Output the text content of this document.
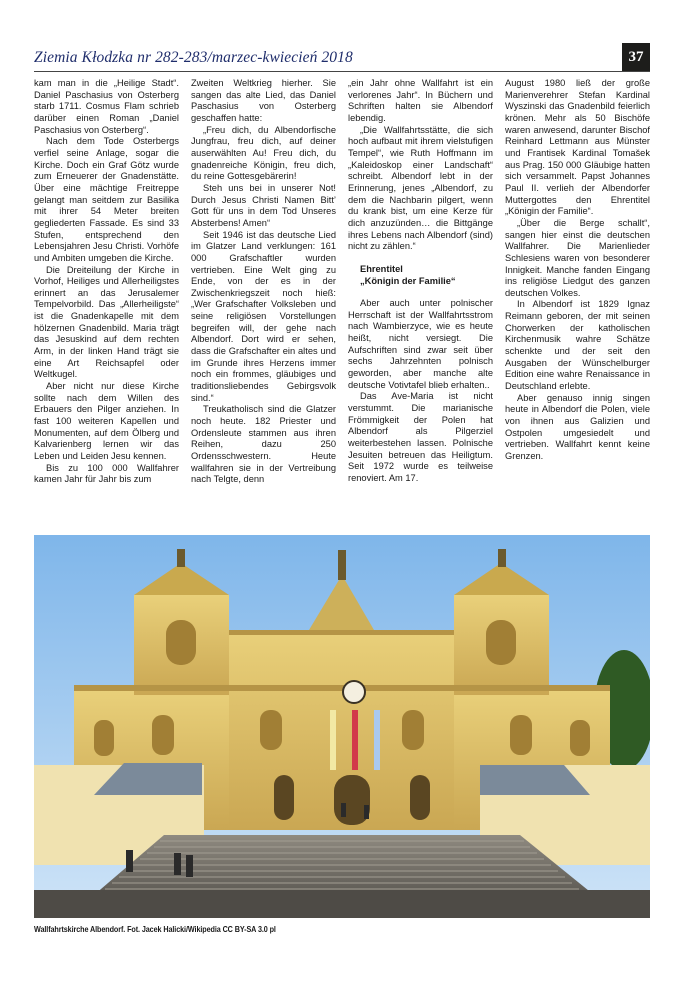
Ziemia Kłodzka nr 282-283/marzec-kwiecień 2018	37

kam man in die „Heilige Stadt“. Daniel Paschasius von Osterberg starb 1711. Cosmus Flam schrieb darüber einen Roman „Daniel Paschasius von Osterberg“.

Nach dem Tode Osterbergs verfiel seine Anlage, sogar die Kirche. Doch ein Graf Götz wurde zum Erneuerer der Gnadenstätte. Über eine mächtige Freitreppe gelangt man seitdem zur Basilika mit ihrer 54 Meter breiten gegliederten Fassade. Es sind 33 Stufen, entsprechend den Lebensjahren Jesu Christi. Vorhöfe und Ambiten umgeben die Kirche.

Die Dreiteilung der Kirche in Vorhof, Heiliges und Allerheiligstes erinnert an das Jerusalemer Tempelvorbild. Das „Allerheiligste“ ist die Gnadenkapelle mit dem hölzernen Gnadenbild. Maria trägt das Jesuskind auf dem rechten Arm, in der linken Hand trägt sie eine Art Reichsapfel oder Weltkugel.

Aber nicht nur diese Kirche sollte nach dem Willen des Erbauers den Pilger anziehen. In fast 100 weiteren Kapellen und Monumenten, auf dem Ölberg und Kalvarienberg lernen wir das Leben und Leiden Jesu kennen.

Bis zu 100 000 Wallfahrer kamen Jahr für Jahr bis zum

Zweiten Weltkrieg hierher. Sie sangen das alte Lied, das Daniel Paschasius von Osterberg geschaffen hatte:

„Freu dich, du Albendorfische Jungfrau, freu dich, auf deiner auserwählten Au! Freu dich, du gnadenreiche Königin, freu dich, du reine Gottesgebärerin!

Steh uns bei in unserer Not! Durch Jesus Christi Namen Bitt’ Gott für uns in dem Tod Unseres Absterbens! Amen“

Seit 1946 ist das deutsche Lied im Glatzer Land verklungen: 161 000 Grafschaftler wurden vertrieben. Eine Welt ging zu Ende, von der es in der Zwischenkriegszeit noch hieß: „Wer Grafschafter Volksleben und seine religiösen Vorstellungen begreifen will, der gehe nach Albendorf. Dort wird er sehen, dass die Grafschafter ein altes und im Grunde ihres Herzens immer noch ein frommes, gläubiges und traditionsliebendes Gebirgsvolk sind.“

Treukatholisch sind die Glatzer noch heute. 182 Priester und Ordensleute stammen aus ihren Reihen, dazu 250 Ordensschwestern. Heute wallfahren sie in der Vertreibung nach Telgte, denn

„ein Jahr ohne Wallfahrt ist ein verlorenes Jahr“. In Büchern und Schriften halten sie Albendorf lebendig.

„Die Wallfahrtsstätte, die sich hoch aufbaut mit ihrem vielstufigen Tempel“, wie Ruth Hoffmann im „Kaleidoskop einer Landschaft“ schreibt. Albendorf lebt in der Erinnerung, jenes „Albendorf, zu dem die Nachbarin pilgert, wenn du krank bist, um eine Kerze für dich anzuzünden… die Bittgänge ihres Lebens nach Albendorf (sind) nicht zu zählen.“

Ehrentitel

„Königin der Familie“

Aber auch unter polnischer Herrschaft ist der Wallfahrtsstrom nach Wambierzyce, wie es heute heißt, nicht versiegt. Die Aufschriften sind zwar seit über sechs Jahrzehnten polnisch geworden, aber manche alte deutsche Votivtafel blieb erhalten..

Das Ave-Maria ist nicht verstummt. Die marianische Frömmigkeit der Polen hat Albendorf als Pilgerziel weiterbestehen lassen. Polnische Jesuiten betreuen das Heiligtum. Seit 1972 wurde es teilweise renoviert. Am 17.

August 1980 ließ der große Marienverehrer Stefan Kardinal Wyszinski das Gnadenbild feierlich krönen. Mehr als 50 Bischöfe waren anwesend, darunter Bischof Reinhard Lettmann aus Münster und Frantisek Kardinal Tomašek aus Prag. 150 000 Gläubige hatten sich versammelt. Papst Johannes Paul II. verlieh der Albendorfer Muttergottes den Ehrentitel „Königin der Familie“.

„Über die Berge schallt“, sangen hier einst die deutschen Wallfahrer. Die Marienlieder Schlesiens waren von besonderer Innigkeit. Manche fanden Eingang ins religiöse Liedgut des ganzen deutschen Volkes.

In Albendorf ist 1829 Ignaz Reimann geboren, der mit seinen Chorwerken der katholischen Kirchenmusik wahre Schätze schenkte und der seit den Ausgaben der Wünschelburger Edition eine wahre Renaissance in Deutschland erlebte.

Aber genauso innig singen heute in Albendorf die Polen, viele von ihnen aus Galizien und Ostpolen umgesiedelt und vertrieben. Wallfahrt kennt keine Grenzen.

Wallfahrtskirche Albendorf. Fot. Jacek Halicki/Wikipedia CC BY-SA 3.0 pl
